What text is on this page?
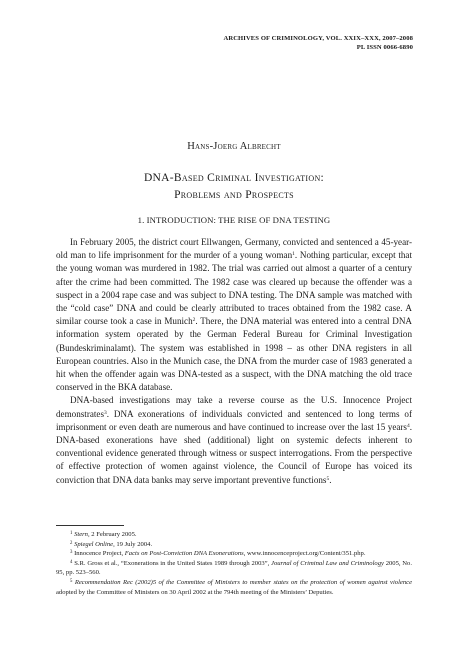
ARCHIVES OF CRIMINOLOGY, VOL. XXIX–XXX, 2007–2008
PL ISSN 0066-6890
Hans-Joerg Albrecht
DNA-Based Criminal Investigation:
Problems and Prospects
1. INTRODUCTION: THE RISE OF DNA TESTING

In February 2005, the district court Ellwangen, Germany, convicted and sentenced a 45-year-old man to life imprisonment for the murder of a young woman$^1$. Nothing particular, except that the young woman was murdered in 1982. The trial was carried out almost a quarter of a century after the crime had been committed. The 1982 case was cleared up because the offender was a suspect in a 2004 rape case and was subject to DNA testing. The DNA sample was matched with the “cold case” DNA and could be clearly attributed to traces obtained from the 1982 case. A similar course took a case in Munich$^2$. There, the DNA material was entered into a central DNA information system operated by the German Federal Bureau for Criminal Investigation (Bundeskriminalamt). The system was established in 1998 – as other DNA registers in all European countries. Also in the Munich case, the DNA from the murder case of 1983 generated a hit when the offender again was DNA-tested as a suspect, with the DNA matching the old trace conserved in the BKA database.

DNA-based investigations may take a reverse course as the U.S. Innocence Project demonstrates$^3$. DNA exonerations of individuals convicted and sentenced to long terms of imprisonment or even death are numerous and have continued to increase over the last 15 years$^4$. DNA-based exonerations have shed (additional) light on systemic defects inherent to conventional evidence generated through witness or suspect interrogations. From the perspective of effective protection of women against violence, the Council of Europe has voiced its conviction that DNA data banks may serve important preventive functions$^5$.

$^1$ Stern, 2 February 2005.

$^2$ Spiegel Online, 19 July 2004.

$^3$ Innocence Project, Facts on Post-Conviction DNA Exonerations, www.innocenceproject.org/Content/351.php.

$^4$ S.R. Gross et al., “Exonerations in the United States 1989 through 2003”, Journal of Criminal Law and Criminology 2005, No. 95, pp. 523–560.

$^5$ Recommendation Rec (2002)5 of the Committee of Ministers to member states on the protection of women against violence adopted by the Committee of Ministers on 30 April 2002 at the 794th meeting of the Ministers’ Deputies.
